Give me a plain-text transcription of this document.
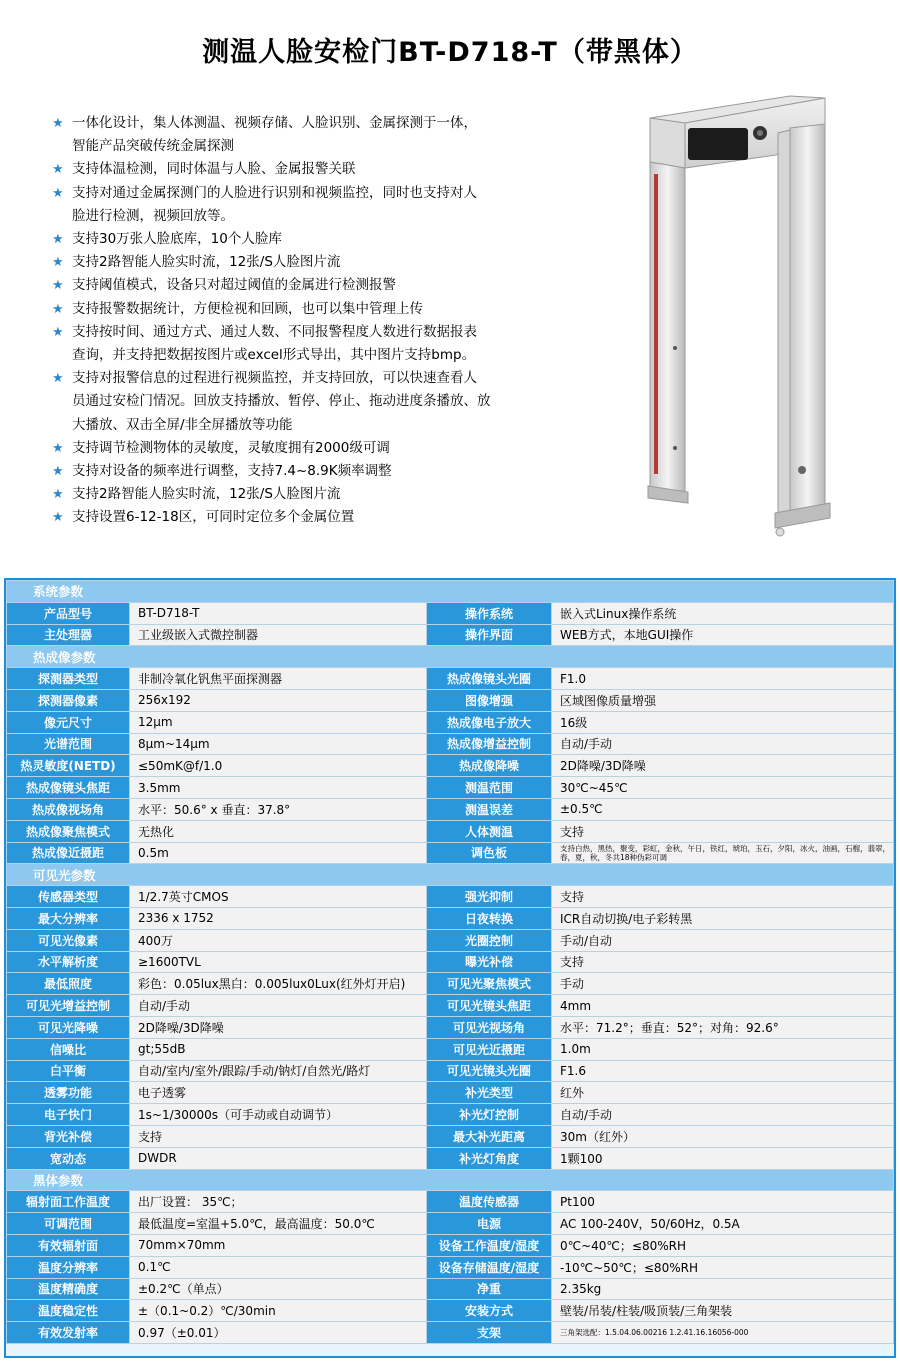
测温人脸安检门BT-D718-T（带黑体）
★ 一体化设计，集人体测温、视频存储、人脸识别、金属探测于一体，
智能产品突破传统金属探测
★ 支持体温检测，同时体温与人脸、金属报警关联
★ 支持对通过金属探测门的人脸进行识别和视频监控，同时也支持对人
脸进行检测，视频回放等。
★ 支持30万张人脸底库，10个人脸库
★ 支持2路智能人脸实时流，12张/S人脸图片流
★ 支持阈值模式，设备只对超过阈值的金属进行检测报警
★ 支持报警数据统计，方便检视和回顾，也可以集中管理上传
★ 支持按时间、通过方式、通过人数、不同报警程度人数进行数据报表
查询，并支持把数据按图片或excel形式导出，其中图片支持bmp。
★ 支持对报警信息的过程进行视频监控，并支持回放，可以快速查看人
员通过安检门情况。回放支持播放、暂停、停止、拖动进度条播放、放
大播放、双击全屏/非全屏播放等功能
★ 支持调节检测物体的灵敏度，灵敏度拥有2000级可调
★ 支持对设备的频率进行调整，支持7.4~8.9K频率调整
★ 支持2路智能人脸实时流，12张/S人脸图片流
★ 支持设置6-12-18区，可同时定位多个金属位置
系统参数			
产品型号	BT-D718-T	操作系统	嵌入式Linux操作系统
主处理器	工业级嵌入式微控制器	操作界面	WEB方式，本地GUI操作
热成像参数			
探测器类型	非制冷氧化钒焦平面探测器	热成像镜头光圈	F1.0
探测器像素	256x192	图像增强	区域图像质量增强
像元尺寸	12μm	热成像电子放大	16级
光谱范围	8μm~14μm	热成像增益控制	自动/手动
热灵敏度(NETD)	≤50mK@f/1.0	热成像降噪	2D降噪/3D降噪
热成像镜头焦距	3.5mm	测温范围	30℃~45℃
热成像视场角	水平：50.6° x 垂直：37.8°	测温误差	±0.5℃
热成像聚焦模式	无热化	人体测温	支持
热成像近摄距	0.5m	调色板	支持白热，黑热，聚变，彩虹，金秋，午日，铁红，琥珀，玉石，夕阳，冰火，油画，石榴，翡翠，春，夏，秋，冬共18种伪彩可调
可见光参数			
传感器类型	1/2.7英寸CMOS	强光抑制	支持
最大分辨率	2336 x 1752	日夜转换	ICR自动切换/电子彩转黑
可见光像素	400万	光圈控制	手动/自动
水平解析度	≥1600TVL	曝光补偿	支持
最低照度	彩色：0.05lux黑白：0.005lux0Lux(红外灯开启)	可见光聚焦模式	手动
可见光增益控制	自动/手动	可见光镜头焦距	4mm
可见光降噪	2D降噪/3D降噪	可见光视场角	水平：71.2°；垂直：52°；对角：92.6°
信噪比	gt;55dB	可见光近摄距	1.0m
白平衡	自动/室内/室外/跟踪/手动/钠灯/自然光/路灯	可见光镜头光圈	F1.6
透雾功能	电子透雾	补光类型	红外
电子快门	1s~1/30000s（可手动或自动调节）	补光灯控制	自动/手动
背光补偿	支持	最大补光距离	30m（红外）
宽动态	DWDR	补光灯角度	1颗100
黑体参数			
辐射面工作温度	出厂设置： 35℃；	温度传感器	Pt100
可调范围	最低温度=室温+5.0℃，最高温度：50.0℃	电源	AC 100-240V，50/60Hz，0.5A
有效辐射面	70mm×70mm	设备工作温度/湿度	0℃~40℃；≤80%RH
温度分辨率	0.1℃	设备存储温度/湿度	-10℃~50℃；≤80%RH
温度精确度	±0.2℃（单点）	净重	2.35kg
温度稳定性	±（0.1~0.2）℃/30min	安装方式	壁装/吊装/柱装/吸顶装/三角架装
有效发射率	0.97（±0.01）	支架	三角架选配：1.5.04.06.00216 1.2.41.16.16056-000
